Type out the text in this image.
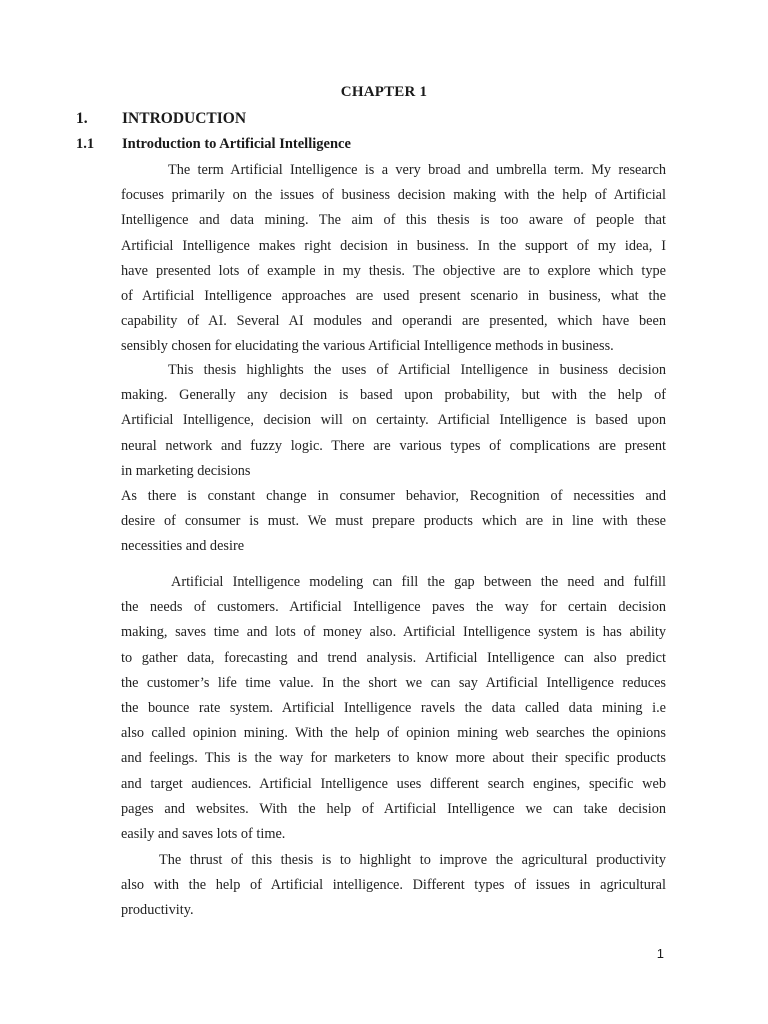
CHAPTER 1
1.	INTRODUCTION
1.1	Introduction to Artificial Intelligence
The term Artificial Intelligence is a very broad and umbrella term. My research
focuses primarily on the issues of business decision making with the help of Artificial
Intelligence and data mining. The aim of this thesis is too aware of people that
Artificial Intelligence makes right decision in business. In the support of my idea, I
have presented lots of example in my thesis. The objective are to explore which type
of Artificial Intelligence approaches are used present scenario in business, what the
capability of AI. Several AI modules and operandi are presented, which have been
sensibly chosen for elucidating the various Artificial Intelligence methods in business.
This thesis highlights the uses of Artificial Intelligence in business decision
making. Generally any decision is based upon probability, but with the help of
Artificial Intelligence, decision will on certainty. Artificial Intelligence is based upon
neural network and fuzzy logic. There are various types of complications are present
in marketing decisions
As there is constant change in consumer behavior, Recognition of necessities and
desire of consumer is must. We must prepare products which are in line with these
necessities and desire
Artificial Intelligence modeling can fill the gap between the need and fulfill
the needs of customers. Artificial Intelligence paves the way for certain decision
making, saves time and lots of money also. Artificial Intelligence system is has ability
to gather data, forecasting and trend analysis. Artificial Intelligence can also predict
the customer’s life time value. In the short we can say Artificial Intelligence reduces
the bounce rate system. Artificial Intelligence ravels the data called data mining i.e
also called opinion mining. With the help of opinion mining web searches the opinions
and feelings. This is the way for marketers to know more about their specific products
and target audiences. Artificial Intelligence uses different search engines, specific web
pages and websites. With the help of Artificial Intelligence we can take decision
easily and saves lots of time.
The thrust of this thesis is to highlight to improve the agricultural productivity
also with the help of Artificial intelligence. Different types of issues in agricultural
productivity.
1
